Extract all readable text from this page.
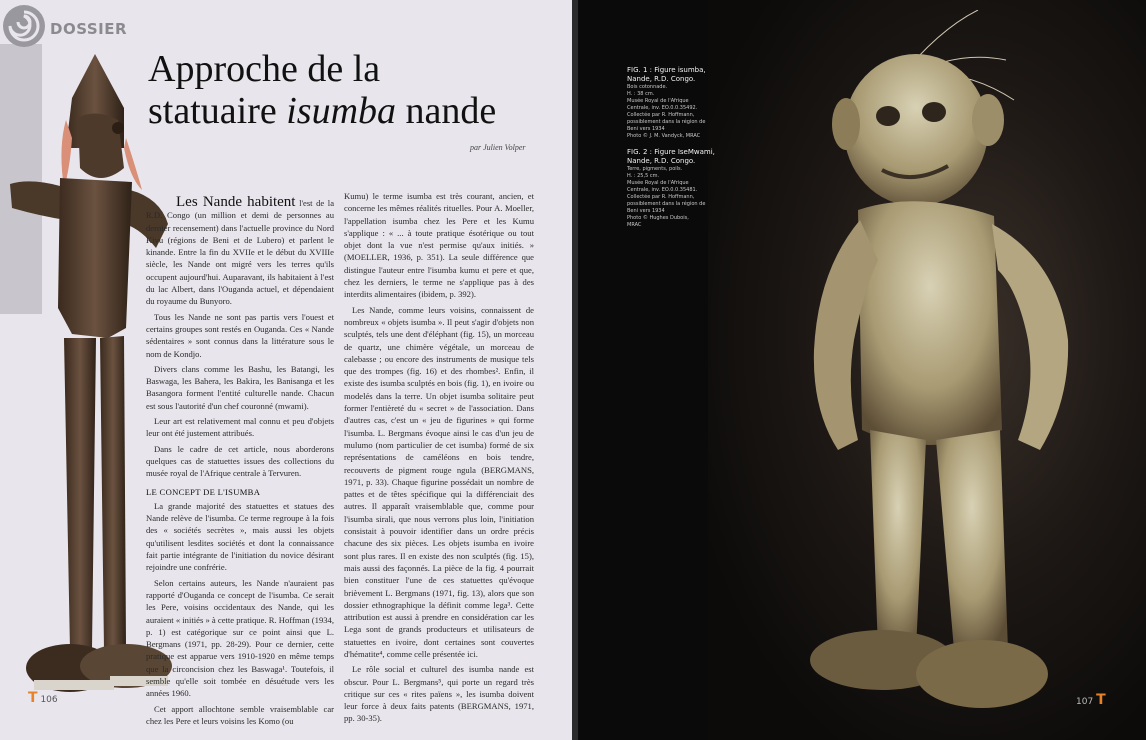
DOSSIER
Approche de la
statuaire isumba nande
par Julien Volper

Les Nande habitent l'est de la R.D. Congo (un million et demi de personnes au dernier recensement) dans l'actuelle province du Nord Kivu (régions de Beni et de Lubero) et parlent le kinande. Entre la fin du XVIIe et le début du XVIIIe siècle, les Nande ont migré vers les terres qu'ils occupent aujourd'hui. Auparavant, ils habitaient à l'est du lac Albert, dans l'Ouganda actuel, et dépendaient du royaume du Bunyoro.

Tous les Nande ne sont pas partis vers l'ouest et certains groupes sont restés en Ouganda. Ces « Nande sédentaires » sont connus dans la littérature sous le nom de Kondjo.

Divers clans comme les Bashu, les Batangi, les Baswaga, les Bahera, les Bakira, les Banisanga et les Basangora forment l'entité culturelle nande. Chacun est sous l'autorité d'un chef couronné (mwami).

Leur art est relativement mal connu et peu d'objets leur ont été justement attribués.

Dans le cadre de cet article, nous aborderons quelques cas de statuettes issues des collections du musée royal de l'Afrique centrale à Tervuren.

LE CONCEPT DE L'ISUMBA

La grande majorité des statuettes et statues des Nande relève de l'isumba. Ce terme regroupe à la fois des « sociétés secrètes », mais aussi les objets qu'utilisent lesdites sociétés et dont la connaissance fait partie intégrante de l'initiation du novice désirant rejoindre une confrérie.

Selon certains auteurs, les Nande n'auraient pas rapporté d'Ouganda ce concept de l'isumba. Ce serait les Pere, voisins occidentaux des Nande, qui les auraient « initiés » à cette pratique. R. Hoffman (1934, p. 1) est catégorique sur ce point ainsi que L. Bergmans (1971, pp. 28-29). Pour ce dernier, cette pratique est apparue vers 1910-1920 en même temps que la circoncision chez les Baswaga¹. Toutefois, il semble qu'elle soit tombée en désuétude vers les années 1960.

Cet apport allochtone semble vraisemblable car chez les Pere et leurs voisins les Komo (ou

Kumu) le terme isumba est très courant, ancien, et concerne les mêmes réalités rituelles. Pour A. Moeller, l'appellation isumba chez les Pere et les Kumu s'applique : « ... à toute pratique ésotérique ou tout objet dont la vue n'est permise qu'aux initiés. » (MOELLER, 1936, p. 351). La seule différence que distingue l'auteur entre l'isumba kumu et pere et que, chez les derniers, le terme ne s'applique pas à des interdits alimentaires (ibidem, p. 392).

Les Nande, comme leurs voisins, connaissent de nombreux « objets isumba ». Il peut s'agir d'objets non sculptés, tels une dent d'éléphant (fig. 15), un morceau de quartz, une chimère végétale, un morceau de calebasse ; ou encore des instruments de musique tels que des trompes (fig. 16) et des rhombes². Enfin, il existe des isumba sculptés en bois (fig. 1), en ivoire ou modelés dans la terre. Un objet isumba solitaire peut former l'entièreté du « secret » de l'association. Dans d'autres cas, c'est un « jeu de figurines » qui forme l'isumba. L. Bergmans évoque ainsi le cas d'un jeu de mulumo (nom particulier de cet isumba) formé de six représentations de caméléons en bois tendre, recouverts de pigment rouge ngula (BERGMANS, 1971, p. 33). Chaque figurine possédait un nombre de pattes et de têtes spécifique qui la différenciait des autres. Il apparaît vraisemblable que, comme pour l'isumba sirali, que nous verrons plus loin, l'initiation consistait à pouvoir identifier dans un ordre précis chacune des six pièces. Les objets isumba en ivoire sont plus rares. Il en existe des non sculptés (fig. 15), mais aussi des façonnés. La pièce de la fig. 4 pourrait bien constituer l'une de ces statuettes qu'évoque brièvement L. Bergmans (1971, fig. 13), alors que son dossier ethnographique la définit comme lega³. Cette attribution est aussi à prendre en considération car les Lega sont de grands producteurs et utilisateurs de statuettes en ivoire, dont certaines sont couvertes d'hématite⁴, comme celle présentée ici.

Le rôle social et culturel des isumba nande est obscur. Pour L. Bergmans⁵, qui porte un regard très critique sur ces « rites païens », les isumba doivent leur force à deux faits patents (BERGMANS, 1971, pp. 30-35).

T 106
FIG. 1 : Figure isumba, Nande, R.D. Congo.
Bois cotonnade.
H. : 38 cm.
Musée Royal de l'Afrique
Centrale, inv. EO.0.0.35492.
Collectée par R. Hoffmann,
possiblement dans la région de
Beni vers 1934
Photo © J. M. Vandyck, MRAC
FIG. 2 : Figure IseMwami, Nande, R.D. Congo.
Terre, pigments, poils.
H. : 25,5 cm.
Musée Royal de l'Afrique
Centrale, inv. EO.0.0.35481.
Collectée par R. Hoffmann,
possiblement dans la région de
Beni vers 1934
Photo © Hughes Dubois,
MRAC
107 T
